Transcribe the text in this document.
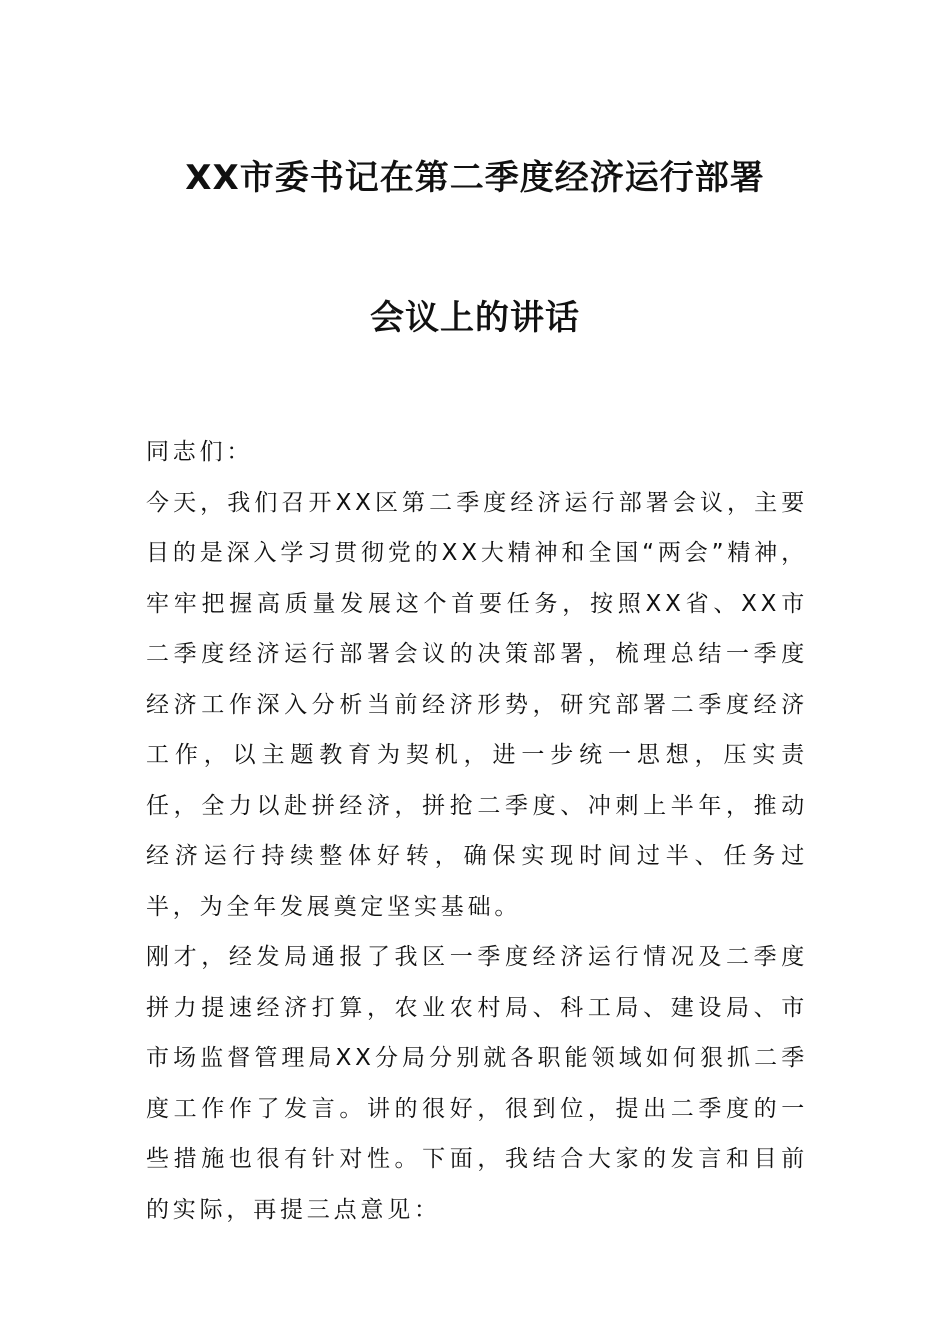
XX市委书记在第二季度经济运行部署
会议上的讲话

同志们：

今天，我们召开XX区第二季度经济运行部署会议，主要目的是深入学习贯彻党的XX大精神和全国“两会”精神，牢牢把握高质量发展这个首要任务，按照XX省、XX市二季度经济运行部署会议的决策部署，梳理总结一季度经济工作深入分析当前经济形势，研究部署二季度经济工作，以主题教育为契机，进一步统一思想，压实责任，全力以赴拼经济，拼抢二季度、冲刺上半年，推动经济运行持续整体好转，确保实现时间过半、任务过半，为全年发展奠定坚实基础。

刚才，经发局通报了我区一季度经济运行情况及二季度拼力提速经济打算，农业农村局、科工局、建设局、市市场监督管理局XX分局分别就各职能领域如何狠抓二季度工作作了发言。讲的很好，很到位，提出二季度的一些措施也很有针对性。下面，我结合大家的发言和目前的实际，再提三点意见：
